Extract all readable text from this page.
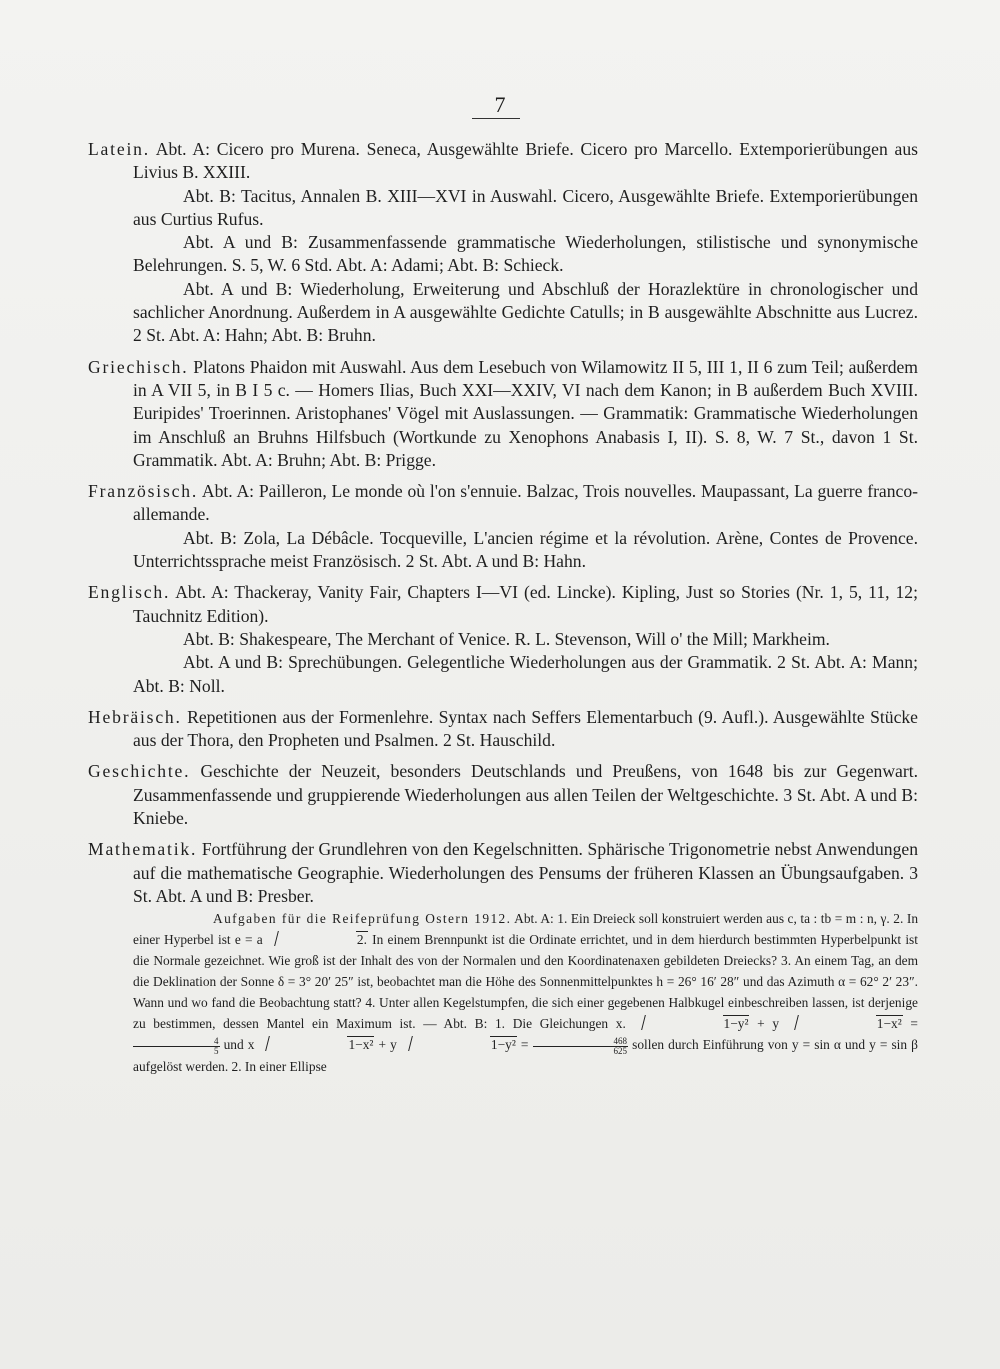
7

Latein. Abt. A: Cicero pro Murena. Seneca, Ausgewählte Briefe. Cicero pro Marcello. Extemporierübungen aus Livius B. XXIII.

Abt. B: Tacitus, Annalen B. XIII—XVI in Auswahl. Cicero, Ausgewählte Briefe. Extemporierübungen aus Curtius Rufus.

Abt. A und B: Zusammenfassende grammatische Wiederholungen, stilistische und synonymische Belehrungen. S. 5, W. 6 Std. Abt. A: Adami; Abt. B: Schieck.

Abt. A und B: Wiederholung, Erweiterung und Abschluß der Horazlektüre in chronologischer und sachlicher Anordnung. Außerdem in A ausgewählte Gedichte Catulls; in B ausgewählte Abschnitte aus Lucrez. 2 St. Abt. A: Hahn; Abt. B: Bruhn.

Griechisch. Platons Phaidon mit Auswahl. Aus dem Lesebuch von Wilamowitz II 5, III 1, II 6 zum Teil; außerdem in A VII 5, in B I 5 c. — Homers Ilias, Buch XXI—XXIV, VI nach dem Kanon; in B außerdem Buch XVIII. Euripides' Troerinnen. Aristophanes' Vögel mit Auslassungen. — Grammatik: Grammatische Wiederholungen im Anschluß an Bruhns Hilfsbuch (Wortkunde zu Xenophons Anabasis I, II). S. 8, W. 7 St., davon 1 St. Grammatik. Abt. A: Bruhn; Abt. B: Prigge.

Französisch. Abt. A: Pailleron, Le monde où l'on s'ennuie. Balzac, Trois nouvelles. Maupassant, La guerre franco-allemande.

Abt. B: Zola, La Débâcle. Tocqueville, L'ancien régime et la révolution. Arène, Contes de Provence. Unterrichtssprache meist Französisch. 2 St. Abt. A und B: Hahn.

Englisch. Abt. A: Thackeray, Vanity Fair, Chapters I—VI (ed. Lincke). Kipling, Just so Stories (Nr. 1, 5, 11, 12; Tauchnitz Edition).

Abt. B: Shakespeare, The Merchant of Venice. R. L. Stevenson, Will o' the Mill; Markheim.

Abt. A und B: Sprechübungen. Gelegentliche Wiederholungen aus der Grammatik. 2 St. Abt. A: Mann; Abt. B: Noll.

Hebräisch. Repetitionen aus der Formenlehre. Syntax nach Seffers Elementarbuch (9. Aufl.). Ausgewählte Stücke aus der Thora, den Propheten und Psalmen. 2 St. Hauschild.

Geschichte. Geschichte der Neuzeit, besonders Deutschlands und Preußens, von 1648 bis zur Gegenwart. Zusammenfassende und gruppierende Wiederholungen aus allen Teilen der Weltgeschichte. 3 St. Abt. A und B: Kniebe.

Mathematik. Fortführung der Grundlehren von den Kegelschnitten. Sphärische Trigonometrie nebst Anwendungen auf die mathematische Geographie. Wiederholungen des Pensums der früheren Klassen an Übungsaufgaben. 3 St. Abt. A und B: Presber.

Aufgaben für die Reifeprüfung Ostern 1912. Abt. A: 1. Ein Dreieck soll konstruiert werden aus c, ta : tb = m : n, γ. 2. In einer Hyperbel ist e = a	2. In einem Brennpunkt ist die Ordinate errichtet, und in dem hierdurch bestimmten Hyperbelpunkt ist die Normale gezeichnet. Wie groß ist der Inhalt des von der Normalen und den Koordinatenaxen gebildeten Dreiecks? 3. An einem Tag, an dem die Deklination der Sonne δ = 3° 20′ 25″ ist, beobachtet man die Höhe des Sonnenmittelpunktes h = 26° 16′ 28″ und das Azimuth α = 62° 2′ 23″. Wann und wo fand die Beobachtung statt? 4. Unter allen Kegelstumpfen, die sich einer gegebenen Halbkugel einbeschreiben lassen, ist derjenige zu bestimmen, dessen Mantel ein Maximum ist. — Abt. B: 1. Die Gleichungen x.	1−y² + y	1−x² =
$\frac{4}{5}$ und x	1−x² + y	$1-y^2 = \frac{468}{625}$ sollen durch Einführung von y = sin α und y = sin β aufgelöst werden. 2. In einer Ellipse
